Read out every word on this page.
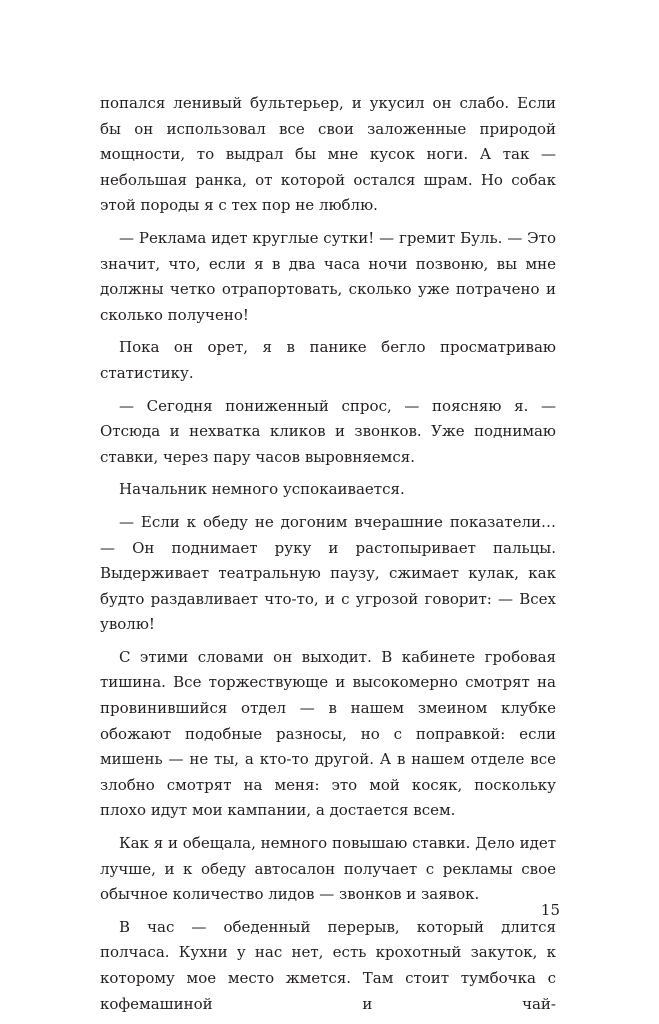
попался ленивый бультерьер, и укусил он слабо. Если бы он использовал все свои заложенные природой мощности, то выдрал бы мне кусок ноги. А так — небольшая ранка, от которой остался шрам. Но собак этой породы я с тех пор не люблю.

— Реклама идет круглые сутки! — гремит Буль. — Это значит, что, если я в два часа ночи позвоню, вы мне должны четко отрапортовать, сколько уже потрачено и сколько получено!

Пока он орет, я в панике бегло просматриваю статистику.

— Сегодня пониженный спрос, — поясняю я. — Отсюда и нехватка кликов и звонков. Уже поднимаю ставки, через пару часов выровняемся.

Начальник немного успокаивается.

— Если к обеду не догоним вчерашние показатели… — Он поднимает руку и растопыривает пальцы. Выдерживает театральную паузу, сжимает кулак, как будто раздавливает что-то, и с угрозой говорит: — Всех уволю!

С этими словами он выходит. В кабинете гробовая тишина. Все торжествующе и высокомерно смотрят на провинившийся отдел — в нашем змеином клубке обожают подобные разносы, но с поправкой: если мишень — не ты, а кто-то другой. А в нашем отделе все злобно смотрят на меня: это мой косяк, поскольку плохо идут мои кампании, а достается всем.

Как я и обещала, немного повышаю ставки. Дело идет лучше, и к обеду автосалон получает с рекламы свое обычное количество лидов — звонков и заявок.

В час — обеденный перерыв, который длится полчаса. Кухни у нас нет, есть крохотный закуток, к которому мое место жмется. Там стоит тумбочка с кофемашиной и чай-

15
